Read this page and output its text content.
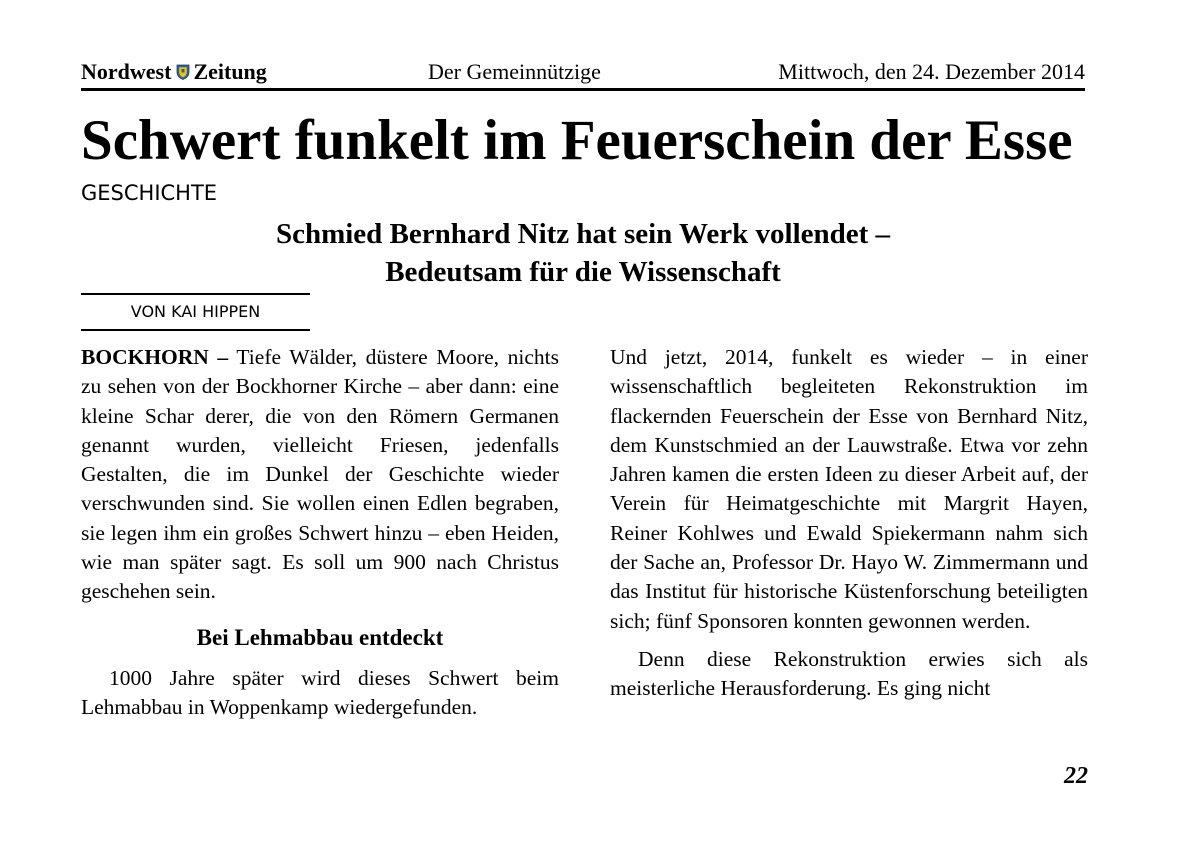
Nordwest Zeitung	Der Gemeinnützige	Mittwoch, den 24. Dezember 2014
Schwert funkelt im Feuerschein der Esse
GESCHICHTE
Schmied Bernhard Nitz hat sein Werk vollendet –
Bedeutsam für die Wissenschaft
VON KAI HIPPEN

BOCKHORN – Tiefe Wälder, düstere Moore, nichts zu sehen von der Bockhorner Kirche – aber dann: eine kleine Schar derer, die von den Römern Germanen genannt wurden, vielleicht Friesen, jedenfalls Gestalten, die im Dunkel der Geschichte wieder verschwunden sind. Sie wollen einen Edlen begraben, sie legen ihm ein großes Schwert hinzu – eben Heiden, wie man später sagt. Es soll um 900 nach Christus geschehen sein.

Bei Lehmabbau entdeckt

1000 Jahre später wird dieses Schwert beim Lehmabbau in Woppenkamp wiedergefunden.

Und jetzt, 2014, funkelt es wieder – in einer wissenschaftlich begleiteten Rekonstruktion im flackernden Feuerschein der Esse von Bernhard Nitz, dem Kunstschmied an der Lauwstraße. Etwa vor zehn Jahren kamen die ersten Ideen zu dieser Arbeit auf, der Verein für Heimatgeschichte mit Margrit Hayen, Reiner Kohlwes und Ewald Spiekermann nahm sich der Sache an, Professor Dr. Hayo W. Zimmermann und das Institut für historische Küstenforschung beteiligten sich; fünf Sponsoren konnten gewonnen werden.

Denn diese Rekonstruktion erwies sich als meisterliche Herausforderung. Es ging nicht

22
